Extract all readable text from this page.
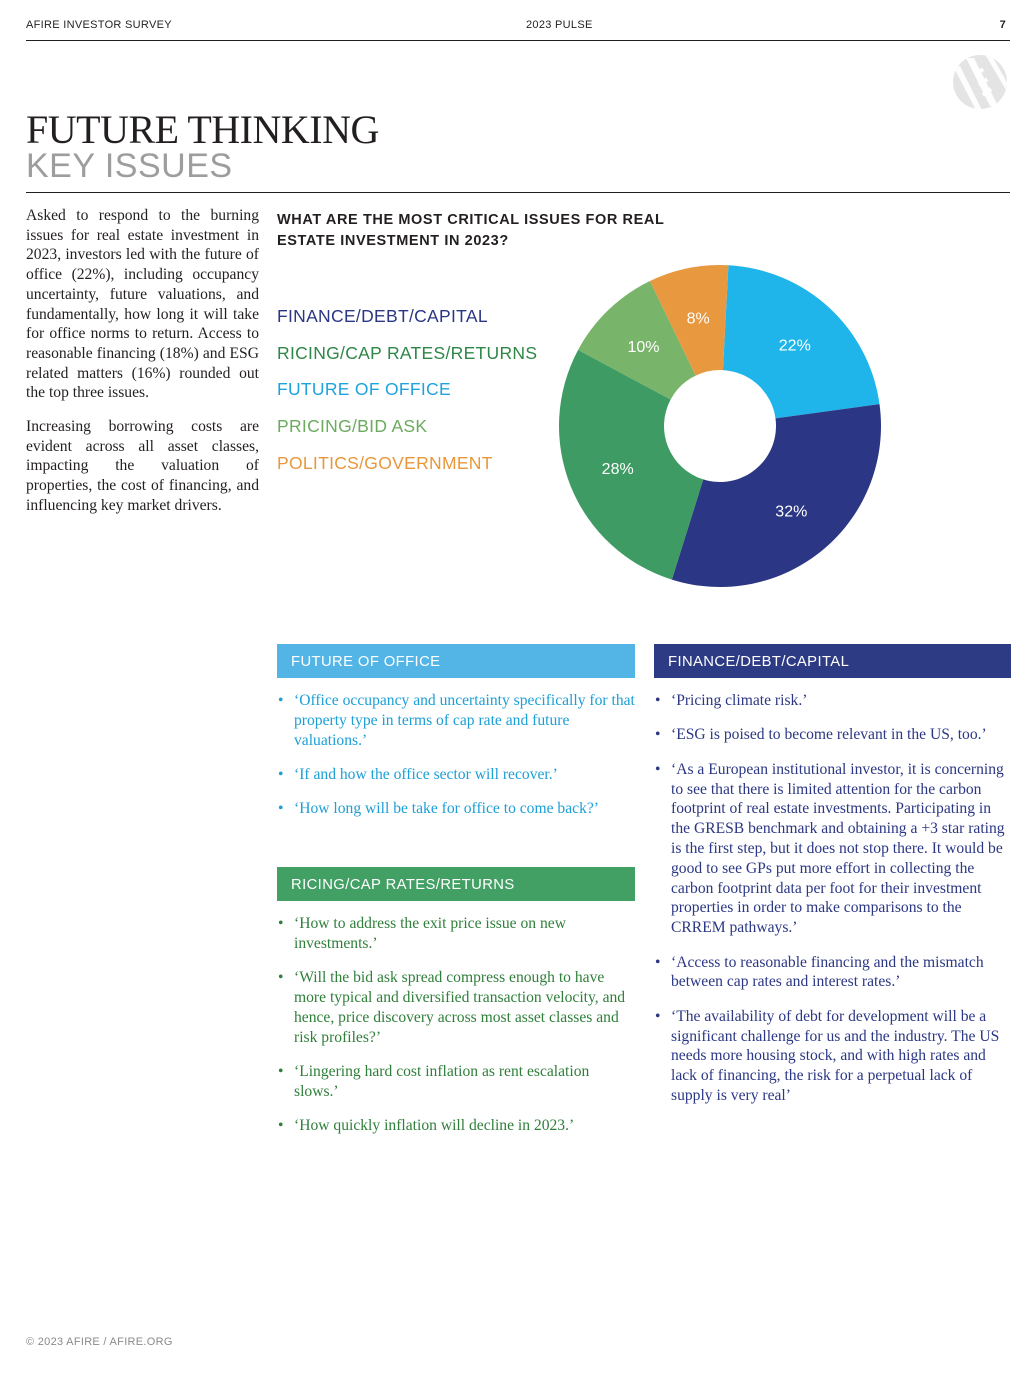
AFIRE INVESTOR SURVEY	2023 PULSE	7
FUTURE THINKING
KEY ISSUES

Asked to respond to the burning issues for real estate investment in 2023, investors led with the future of office (22%), including occupancy uncertainty, future valuations, and fundamentally, how long it will take for office norms to return. Access to reasonable financing (18%) and ESG related matters (16%) rounded out the top three issues.

Increasing borrowing costs are evident across all asset classes, impacting the valuation of properties, the cost of financing, and influencing key market drivers.

WHAT ARE THE MOST CRITICAL ISSUES FOR REAL ESTATE INVESTMENT IN 2023?
FINANCE/DEBT/CAPITAL
RICING/CAP RATES/RETURNS
FUTURE OF OFFICE
PRICING/BID ASK
POLITICS/GOVERNMENT
22%
32%
28%
10%
8%
FUTURE OF OFFICE
• ‘Office occupancy and uncertainty specifically for that property type in terms of cap rate and future valuations.’
• ‘If and how the office sector will recover.’
• ‘How long will be take for office to come back?’
RICING/CAP RATES/RETURNS
• ‘How to address the exit price issue on new investments.’
• ‘Will the bid ask spread compress enough to have more typical and diversified transaction velocity, and hence, price discovery across most asset classes and risk profiles?’
• ‘Lingering hard cost inflation as rent escalation slows.’
• ‘How quickly inflation will decline in 2023.’
FINANCE/DEBT/CAPITAL
• ‘Pricing climate risk.’
• ‘ESG is poised to become relevant in the US, too.’
• ‘As a European institutional investor, it is concerning to see that there is limited attention for the carbon footprint of real estate investments. Participating in the GRESB benchmark and obtaining a +3 star rating is the first step, but it does not stop there. It would be good to see GPs put more effort in collecting the carbon footprint data per foot for their investment properties in order to make comparisons to the CRREM pathways.’
• ‘Access to reasonable financing and the mismatch between cap rates and interest rates.’
• ‘The availability of debt for development will be a significant challenge for us and the industry. The US needs more housing stock, and with high rates and lack of financing, the risk for a perpetual lack of supply is very real’
© 2023 AFIRE / AFIRE.ORG
